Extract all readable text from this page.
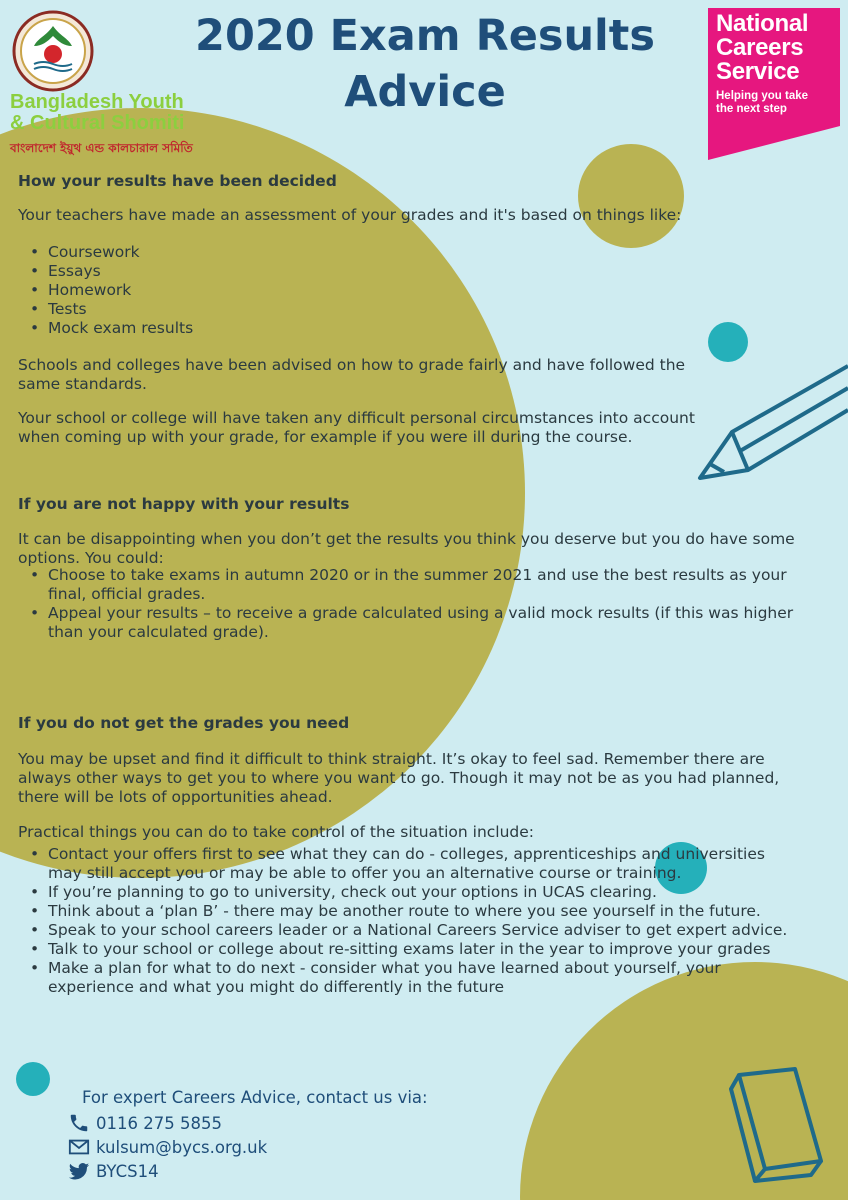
Bangladesh Youth
& Cultural Shomiti
বাংলাদেশ ইয়ুথ এন্ড কালচারাল সমিতি
2020 Exam Results
Advice
National
Careers
Service
Helping you take
the next step
How your results have been decided
Your teachers have made an assessment of your grades and it's based on things like:
• Coursework
• Essays
• Homework
• Tests
• Mock exam results
Schools and colleges have been advised on how to grade fairly and have followed the
same standards.
Your school or college will have taken any difficult personal circumstances into account
when coming up with your grade, for example if you were ill during the course.
If you are not happy with your results
It can be disappointing when you don’t get the results you think you deserve but you do have some
options. You could:
• Choose to take exams in autumn 2020 or in the summer 2021 and use the best results as your
final, official grades.
• Appeal your results – to receive a grade calculated using a valid mock results (if this was higher
than your calculated grade).
If you do not get the grades you need
You may be upset and find it difficult to think straight. It’s okay to feel sad. Remember there are
always other ways to get you to where you want to go. Though it may not be as you had planned,
there will be lots of opportunities ahead.
Practical things you can do to take control of the situation include:
• Contact your offers first to see what they can do - colleges, apprenticeships and universities
may still accept you or may be able to offer you an alternative course or training.
• If you’re planning to go to university, check out your options in UCAS clearing.
• Think about a ‘plan B’ - there may be another route to where you see yourself in the future.
• Speak to your school careers leader or a National Careers Service adviser to get expert advice.
• Talk to your school or college about re-sitting exams later in the year to improve your grades
• Make a plan for what to do next - consider what you have learned about yourself, your
experience and what you might do differently in the future
For expert Careers Advice, contact us via:
0116 275 5855
kulsum@bycs.org.uk
BYCS14
